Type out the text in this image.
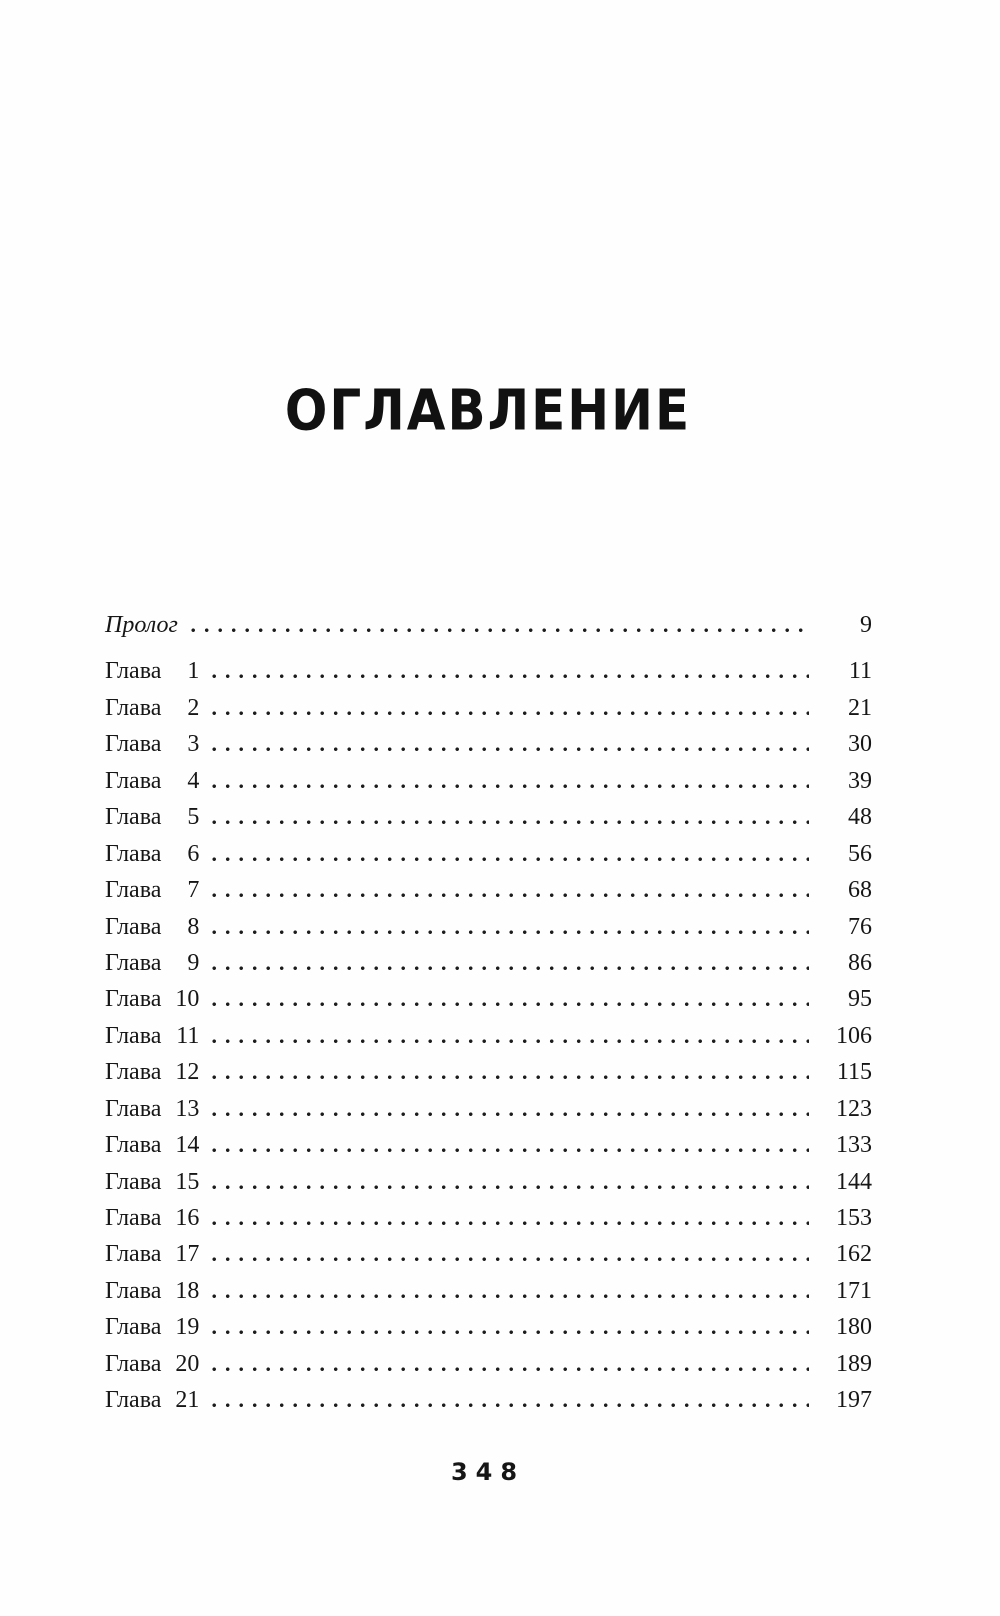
ОГЛАВЛЕНИЕ
Пролог	9
Глава	1	11
Глава	2	21
Глава	3	30
Глава	4	39
Глава	5	48
Глава	6	56
Глава	7	68
Глава	8	76
Глава	9	86
Глава 10	95
Глава 11	106
Глава 12	115
Глава 13	123
Глава 14	133
Глава 15	144
Глава 16	153
Глава 17	162
Глава 18	171
Глава 19	180
Глава 20	189
Глава 21	197
348
